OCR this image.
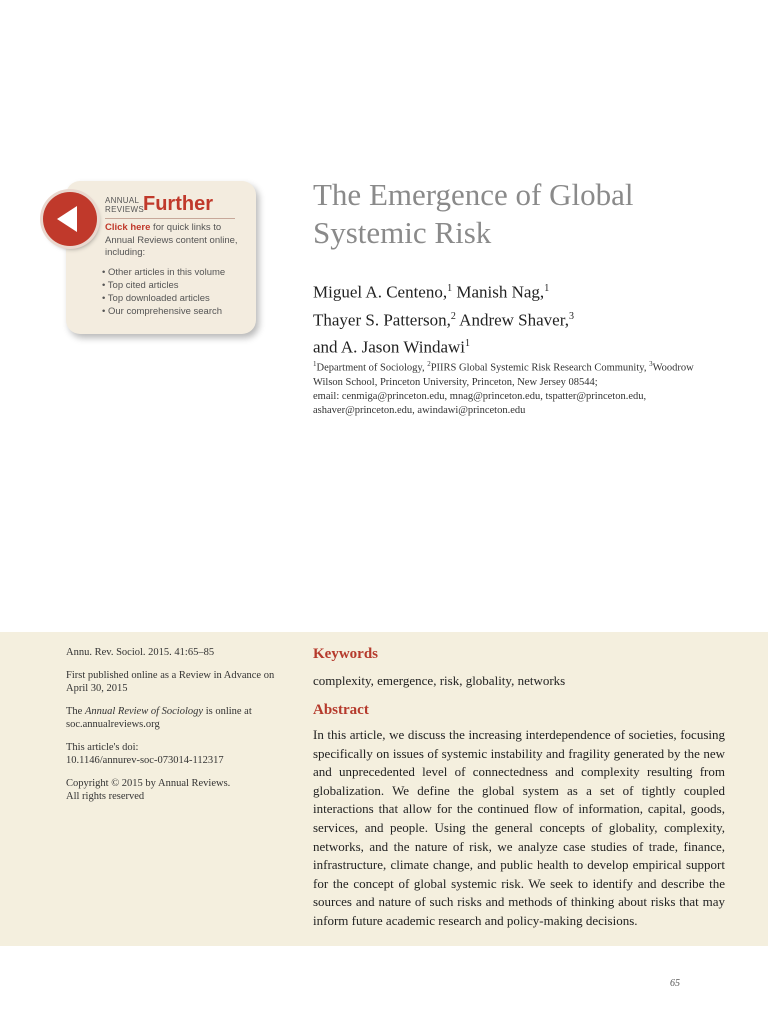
ANNUAL
REVIEWS Further
Click here for quick links to Annual Reviews content online, including:
• Other articles in this volume
• Top cited articles
• Top downloaded articles
• Our comprehensive search
The Emergence of Global Systemic Risk
Miguel A. Centeno,$^1$ Manish Nag,$^1$
Thayer S. Patterson,$^2$ Andrew Shaver,$^3$
and A. Jason Windawi$^1$
$^1$Department of Sociology, $^2$PIIRS Global Systemic Risk Research Community, $^3$Woodrow Wilson School, Princeton University, Princeton, New Jersey 08544;
email: cenmiga@princeton.edu, mnag@princeton.edu, tspatter@princeton.edu,
ashaver@princeton.edu, awindawi@princeton.edu

Annu. Rev. Sociol. 2015. 41:65–85

First published online as a Review in Advance on April 30, 2015

The Annual Review of Sociology is online at soc.annualreviews.org

This article's doi:
10.1146/annurev-soc-073014-112317

Copyright © 2015 by Annual Reviews.
All rights reserved

Keywords
complexity, emergence, risk, globality, networks
Abstract
In this article, we discuss the increasing interdependence of societies, focusing specifically on issues of systemic instability and fragility generated by the new and unprecedented level of connectedness and complexity resulting from globalization. We define the global system as a set of tightly coupled interactions that allow for the continued flow of information, capital, goods, services, and people. Using the general concepts of globality, complexity, networks, and the nature of risk, we analyze case studies of trade, finance, infrastructure, climate change, and public health to develop empirical support for the concept of global systemic risk. We seek to identify and describe the sources and nature of such risks and methods of thinking about risks that may inform future academic research and policy-making decisions.
65
